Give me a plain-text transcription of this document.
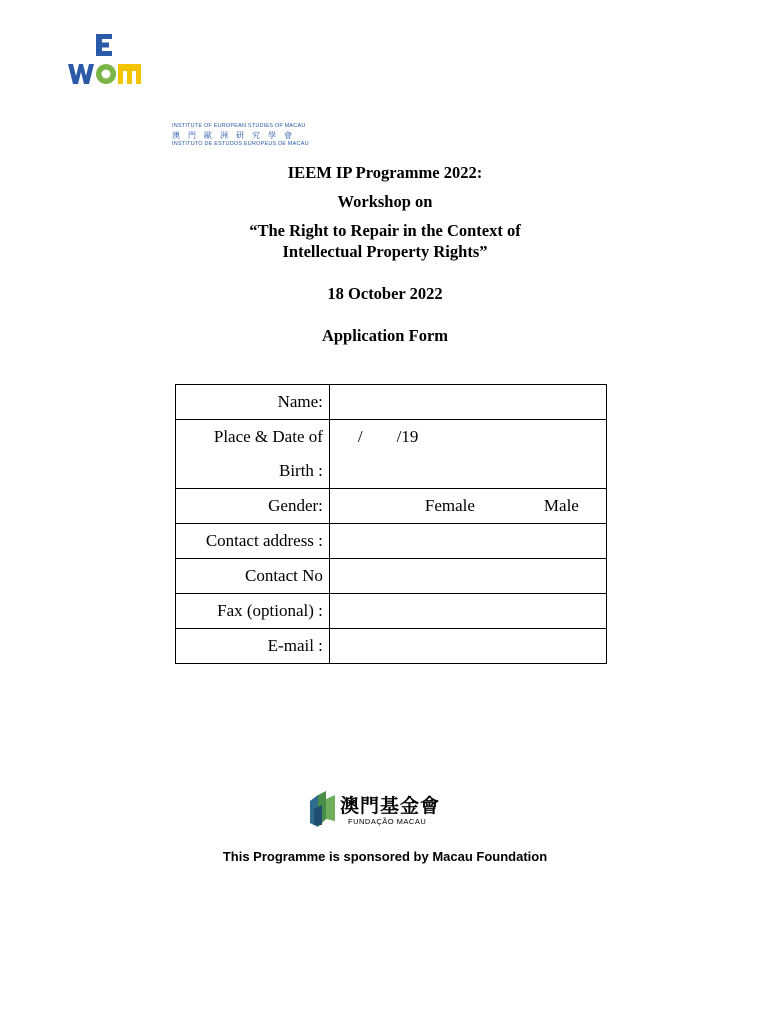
INSTITUTE OF EUROPEAN STUDIES OF MACAU
澳門歐洲研究學會
INSTITUTO DE ESTUDOS EUROPEUS DE MACAU
IEEM IP Programme 2022:
Workshop on
“The Right to Repair in the Context of
Intellectual Property Rights”
18 October 2022
Application Form
Name:	

Place & Date of
Birth :	/        /19

Gender:	Female Male

Contact address :	
Contact No	
Fax (optional) :	
E-mail :	
澳門基金會
FUNDAÇÃO MACAU
This Programme is sponsored by Macau Foundation
